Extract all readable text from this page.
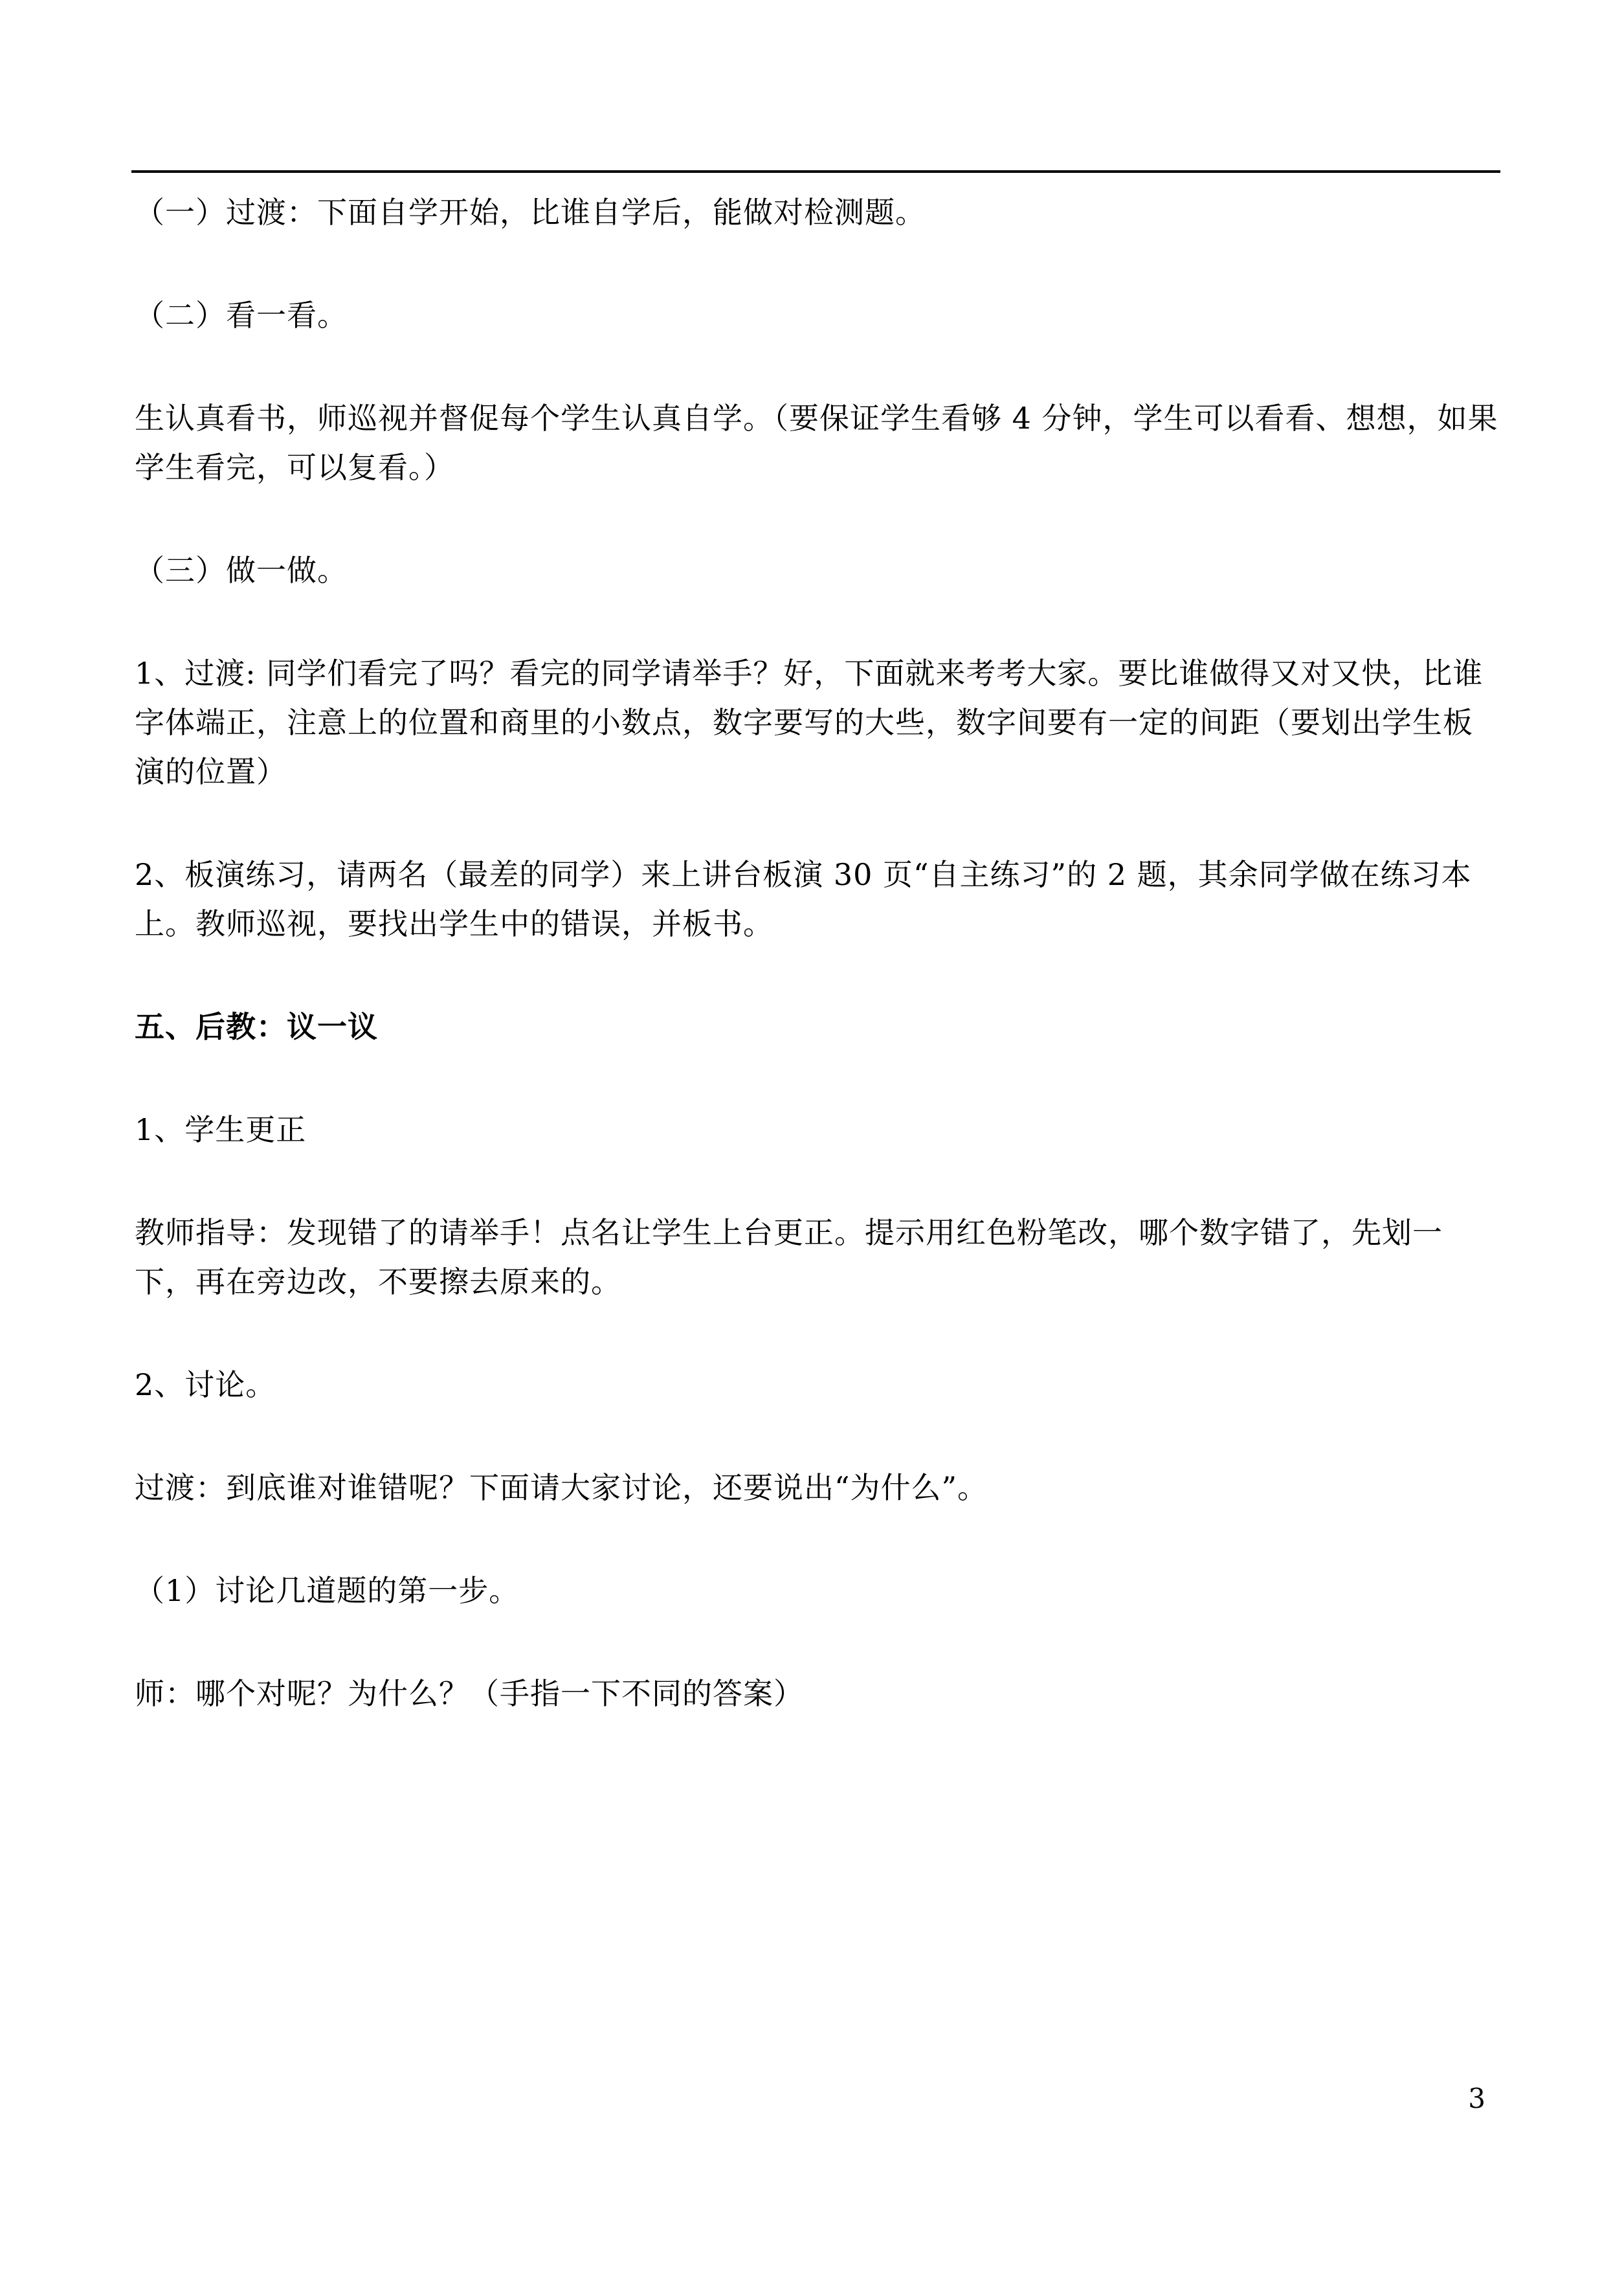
（一）过渡：下面自学开始，比谁自学后，能做对检测题。

（二）看一看。

生认真看书，师巡视并督促每个学生认真自学。（要保证学生看够 4 分钟，学生可以看看、想想，如果学生看完，可以复看。）

（三）做一做。

1、过渡: 同学们看完了吗？看完的同学请举手？好，下面就来考考大家。要比谁做得又对又快，比谁字体端正，注意上的位置和商里的小数点，数字要写的大些，数字间要有一定的间距（要划出学生板演的位置）

2、板演练习，请两名（最差的同学）来上讲台板演 30 页“自主练习”的 2 题，其余同学做在练习本上。教师巡视，要找出学生中的错误，并板书。

五、后教：议一议

1、学生更正

教师指导：发现错了的请举手！点名让学生上台更正。提示用红色粉笔改，哪个数字错了，先划一下，再在旁边改，不要擦去原来的。

2、讨论。

过渡：到底谁对谁错呢？下面请大家讨论，还要说出“为什么”。

（1）讨论几道题的第一步。

师：哪个对呢？为什么？（手指一下不同的答案）

3
